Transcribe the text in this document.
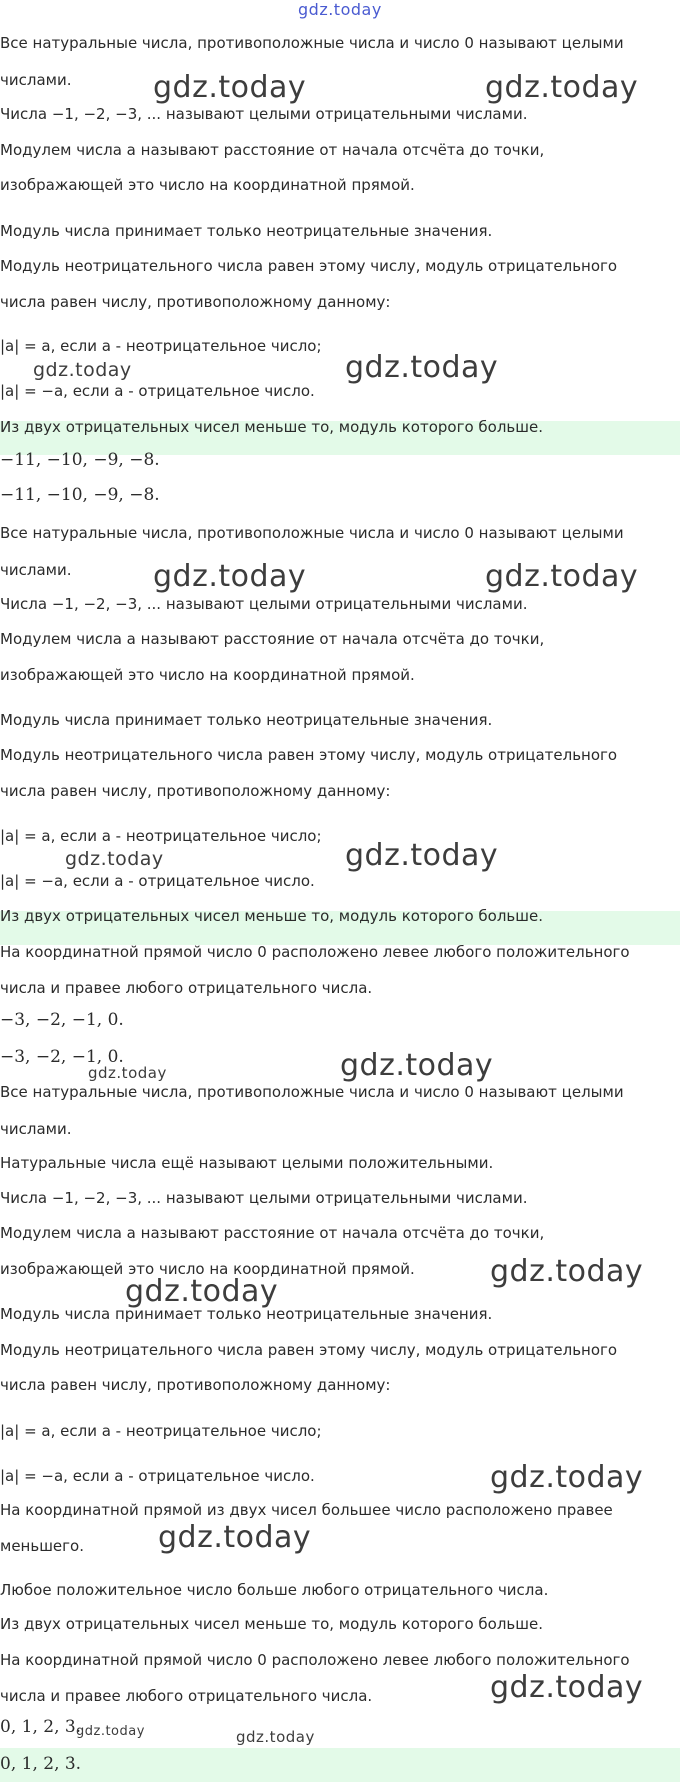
gdz.today
Все натуральные числа, противоположные числа и число 0 называют целыми
числами.
Числа −1, −2, −3, ... называют целыми отрицательными числами.
Модулем числа a называют расстояние от начала отсчёта до точки,
изображающей это число на координатной прямой.
Модуль числа принимает только неотрицательные значения.
Модуль неотрицательного числа равен этому числу, модуль отрицательного
числа равен числу, противоположному данному:
|a| = a, если a - неотрицательное число;
|a| = −a, если a - отрицательное число.
Из двух отрицательных чисел меньше то, модуль которого больше.
−11, −10, −9, −8.
−11, −10, −9, −8.
Все натуральные числа, противоположные числа и число 0 называют целыми
числами.
Числа −1, −2, −3, ... называют целыми отрицательными числами.
Модулем числа a называют расстояние от начала отсчёта до точки,
изображающей это число на координатной прямой.
Модуль числа принимает только неотрицательные значения.
Модуль неотрицательного числа равен этому числу, модуль отрицательного
числа равен числу, противоположному данному:
|a| = a, если a - неотрицательное число;
|a| = −a, если a - отрицательное число.
Из двух отрицательных чисел меньше то, модуль которого больше.
На координатной прямой число 0 расположено левее любого положительного
числа и правее любого отрицательного числа.
−3, −2, −1, 0.
−3, −2, −1, 0.
Все натуральные числа, противоположные числа и число 0 называют целыми
числами.
Натуральные числа ещё называют целыми положительными.
Числа −1, −2, −3, ... называют целыми отрицательными числами.
Модулем числа a называют расстояние от начала отсчёта до точки,
изображающей это число на координатной прямой.
Модуль числа принимает только неотрицательные значения.
Модуль неотрицательного числа равен этому числу, модуль отрицательного
числа равен числу, противоположному данному:
|a| = a, если a - неотрицательное число;
|a| = −a, если a - отрицательное число.
На координатной прямой из двух чисел большее число расположено правее
меньшего.
Любое положительное число больше любого отрицательного числа.
Из двух отрицательных чисел меньше то, модуль которого больше.
На координатной прямой число 0 расположено левее любого положительного
числа и правее любого отрицательного числа.
0, 1, 2, 3.
0, 1, 2, 3.
gdz.today	gdz.today
gdz.today	gdz.today
gdz.today	gdz.today
gdz.today	gdz.today
gdz.today	gdz.today
gdz.today
gdz.today
gdz.today
gdz.today
gdz.today
gdz.today	gdz.today
